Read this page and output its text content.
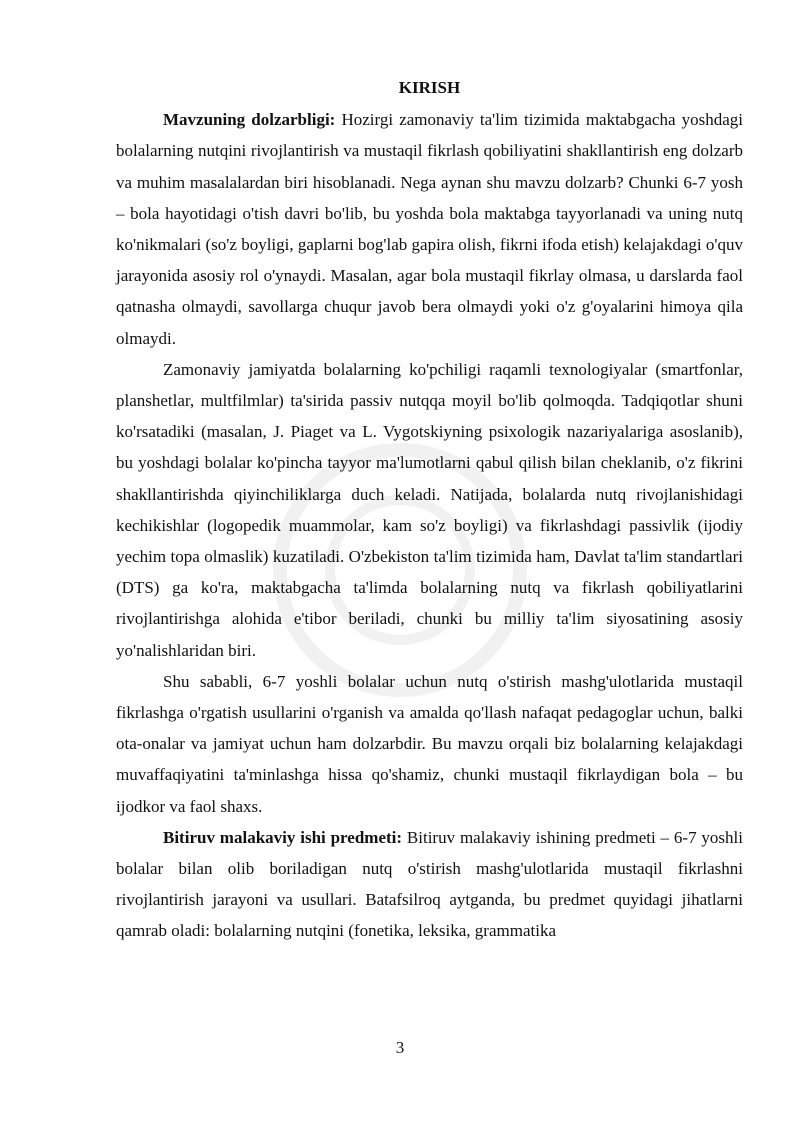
KIRISH

Mavzuning dolzarbligi: Hozirgi zamonaviy ta'lim tizimida maktabgacha yoshdagi bolalarning nutqini rivojlantirish va mustaqil fikrlash qobiliyatini shakllantirish eng dolzarb va muhim masalalardan biri hisoblanadi. Nega aynan shu mavzu dolzarb? Chunki 6-7 yosh – bola hayotidagi o'tish davri bo'lib, bu yoshda bola maktabga tayyorlanadi va uning nutq ko'nikmalari (so'z boyligi, gaplarni bog'lab gapira olish, fikrni ifoda etish) kelajakdagi o'quv jarayonida asosiy rol o'ynaydi. Masalan, agar bola mustaqil fikrlay olmasa, u darslarda faol qatnasha olmaydi, savollarga chuqur javob bera olmaydi yoki o'z g'oyalarini himoya qila olmaydi.

Zamonaviy jamiyatda bolalarning ko'pchiligi raqamli texnologiyalar (smartfonlar, planshetlar, multfilmlar) ta'sirida passiv nutqqa moyil bo'lib qolmoqda. Tadqiqotlar shuni ko'rsatadiki (masalan, J. Piaget va L. Vygotskiyning psixologik nazariyalariga asoslanib), bu yoshdagi bolalar ko'pincha tayyor ma'lumotlarni qabul qilish bilan cheklanib, o'z fikrini shakllantirishda qiyinchiliklarga duch keladi. Natijada, bolalarda nutq rivojlanishidagi kechikishlar (logopedik muammolar, kam so'z boyligi) va fikrlashdagi passivlik (ijodiy yechim topa olmaslik) kuzatiladi. O'zbekiston ta'lim tizimida ham, Davlat ta'lim standartlari (DTS) ga ko'ra, maktabgacha ta'limda bolalarning nutq va fikrlash qobiliyatlarini rivojlantirishga alohida e'tibor beriladi, chunki bu milliy ta'lim siyosatining asosiy yo'nalishlaridan biri.

Shu sababli, 6-7 yoshli bolalar uchun nutq o'stirish mashg'ulotlarida mustaqil fikrlashga o'rgatish usullarini o'rganish va amalda qo'llash nafaqat pedagoglar uchun, balki ota-onalar va jamiyat uchun ham dolzarbdir. Bu mavzu orqali biz bolalarning kelajakdagi muvaffaqiyatini ta'minlashga hissa qo'shamiz, chunki mustaqil fikrlaydigan bola – bu ijodkor va faol shaxs.

Bitiruv malakaviy ishi predmeti: Bitiruv malakaviy ishining predmeti – 6-7 yoshli bolalar bilan olib boriladigan nutq o'stirish mashg'ulotlarida mustaqil fikrlashni rivojlantirish jarayoni va usullari. Batafsilroq aytganda, bu predmet quyidagi jihatlarni qamrab oladi: bolalarning nutqini (fonetika, leksika, grammatika

3
